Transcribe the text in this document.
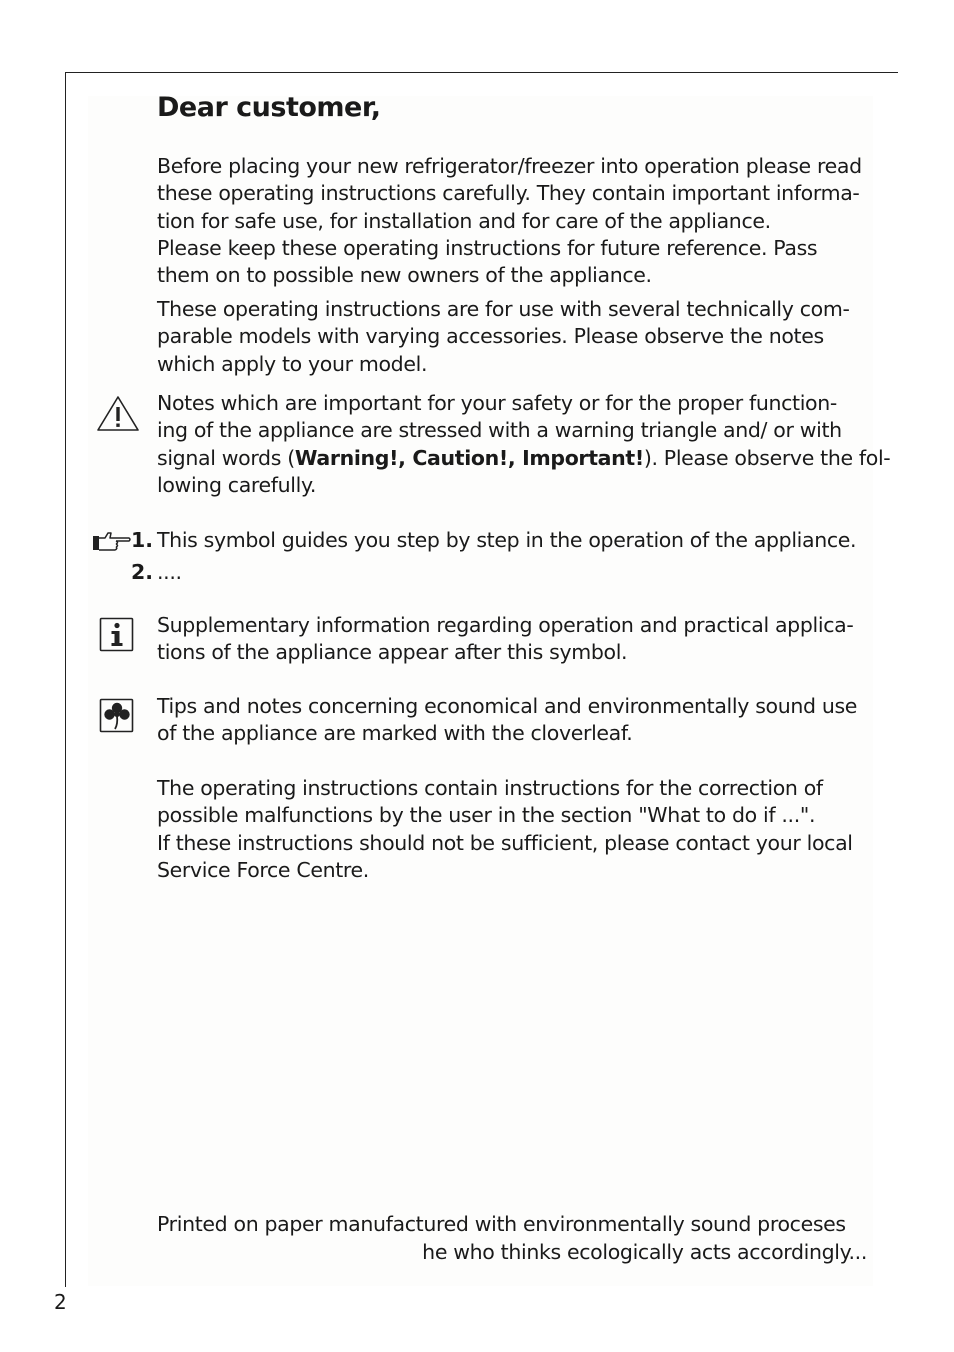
Dear customer,

Before placing your new refrigerator/freezer into operation please read

these operating instructions carefully. They contain important informa-

tion for safe use, for installation and for care of the appliance.

Please keep these operating instructions for future reference. Pass

them on to possible new owners of the appliance.

These operating instructions are for use with several technically com-

parable models with varying accessories. Please observe the notes

which apply to your model.

Notes which are important for your safety or for the proper function-

ing of the appliance are stressed with a warning triangle and/ or with

signal words (Warning!, Caution!, Important!). Please observe the fol-

lowing carefully.

1. This symbol guides you step by step in the operation of the appliance.
2. ....

Supplementary information regarding operation and practical applica-

tions of the appliance appear after this symbol.

Tips and notes concerning economical and environmentally sound use

of the appliance are marked with the cloverleaf.

The operating instructions contain instructions for the correction of

possible malfunctions by the user in the section "What to do if ...".

If these instructions should not be sufficient, please contact your local

Service Force Centre.

Printed on paper manufactured with environmentally sound proceses
he who thinks ecologically acts accordingly...
2
